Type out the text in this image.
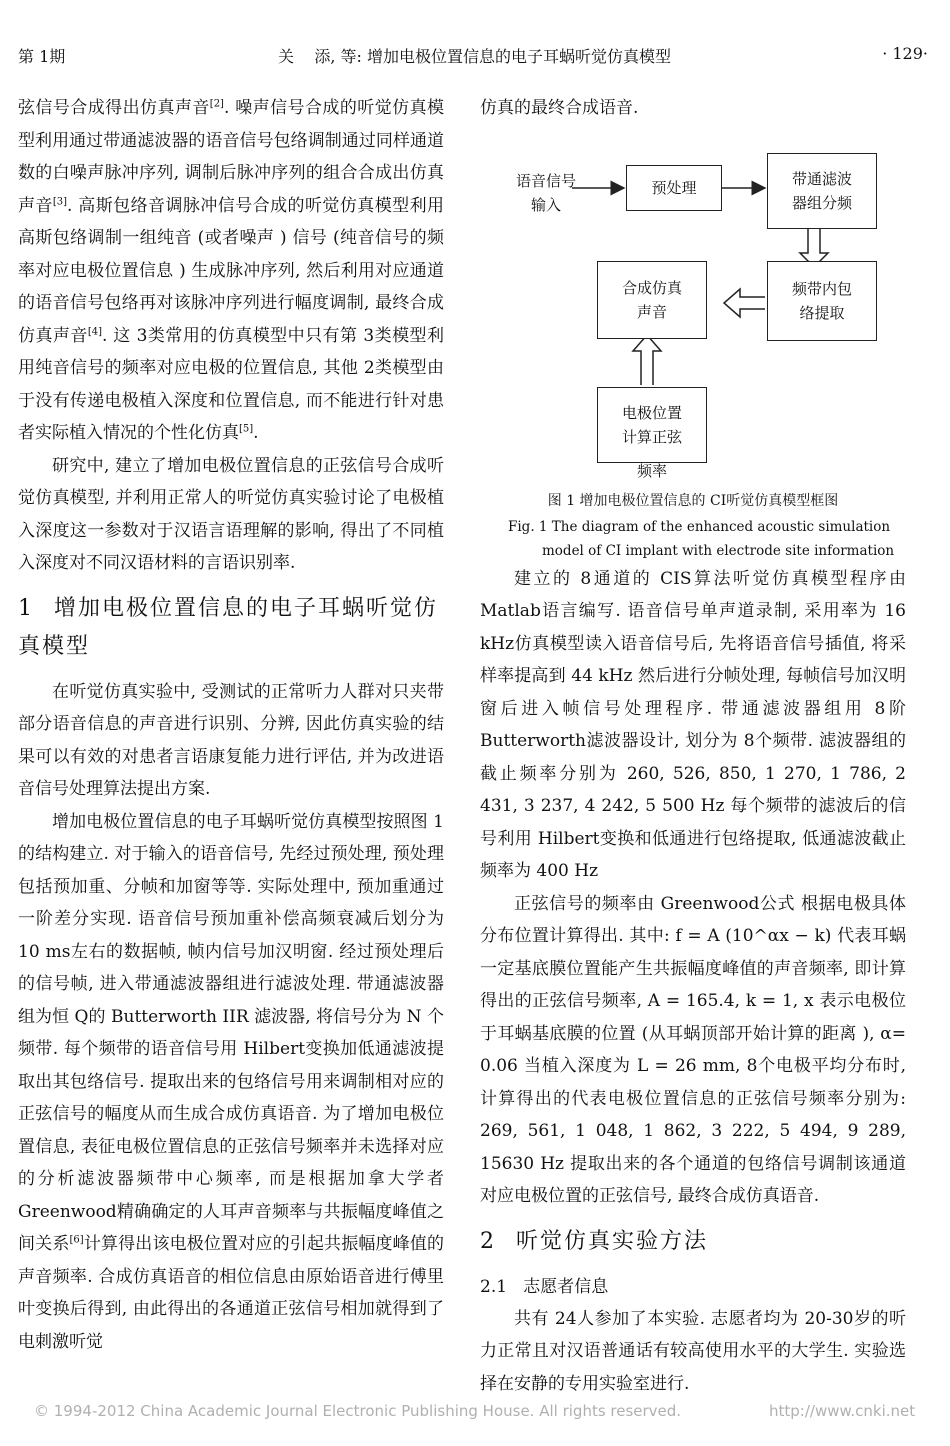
第 1期	关    添, 等: 增加电极位置信息的电子耳蜗听觉仿真模型	· 129·

弦信号合成得出仿真声音[2]. 噪声信号合成的听觉仿真模型利用通过带通滤波器的语音信号包络调制通过同样通道数的白噪声脉冲序列, 调制后脉冲序列的组合合成出仿真声音[3]. 高斯包络音调脉冲信号合成的听觉仿真模型利用高斯包络调制一组纯音 (或者噪声 ) 信号 (纯音信号的频率对应电极位置信息 ) 生成脉冲序列, 然后利用对应通道的语音信号包络再对该脉冲序列进行幅度调制, 最终合成仿真声音[4]. 这 3类常用的仿真模型中只有第 3类模型利用纯音信号的频率对应电极的位置信息, 其他 2类模型由于没有传递电极植入深度和位置信息, 而不能进行针对患者实际植入情况的个性化仿真[5].

研究中, 建立了增加电极位置信息的正弦信号合成听觉仿真模型, 并利用正常人的听觉仿真实验讨论了电极植入深度这一参数对于汉语言语理解的影响, 得出了不同植入深度对不同汉语材料的言语识别率.

1 增加电极位置信息的电子耳蜗听觉仿真模型

在听觉仿真实验中, 受测试的正常听力人群对只夹带部分语音信息的声音进行识别、分辨, 因此仿真实验的结果可以有效的对患者言语康复能力进行评估, 并为改进语音信号处理算法提出方案.

增加电极位置信息的电子耳蜗听觉仿真模型按照图 1的结构建立. 对于输入的语音信号, 先经过预处理, 预处理包括预加重、分帧和加窗等等. 实际处理中, 预加重通过一阶差分实现. 语音信号预加重补偿高频衰减后划分为 10 ms左右的数据帧, 帧内信号加汉明窗. 经过预处理后的信号帧, 进入带通滤波器组进行滤波处理. 带通滤波器组为恒 Q的 Butterworth IIR 滤波器, 将信号分为 N 个频带. 每个频带的语音信号用 Hilbert变换加低通滤波提取出其包络信号. 提取出来的包络信号用来调制相对应的正弦信号的幅度从而生成合成仿真语音. 为了增加电极位置信息, 表征电极位置信息的正弦信号频率并未选择对应的分析滤波器频带中心频率, 而是根据加拿大学者 Greenwood精确确定的人耳声音频率与共振幅度峰值之间关系[6]计算得出该电极位置对应的引起共振幅度峰值的声音频率. 合成仿真语音的相位信息由原始语音进行傅里叶变换后得到, 由此得出的各通道正弦信号相加就得到了电刺激听觉

仿真的最终合成语音.

语音信号
输入
预处理	带通滤波
器组分频
频带内包
络提取
合成仿真
声音
电极位置
计算正弦
频率
图 1 增加电极位置信息的 CI听觉仿真模型框图
Fig. 1 The diagram of the enhanced acoustic simulation
model of CI implant with electrode site information

建立的 8通道的 CIS算法听觉仿真模型程序由 Matlab语言编写. 语音信号单声道录制, 采用率为 16 kHz仿真模型读入语音信号后, 先将语音信号插值, 将采样率提高到 44 kHz 然后进行分帧处理, 每帧信号加汉明窗后进入帧信号处理程序. 带通滤波器组用 8阶 Butterworth滤波器设计, 划分为 8个频带. 滤波器组的截止频率分别为 260, 526, 850, 1 270, 1 786, 2 431, 3 237, 4 242, 5 500 Hz 每个频带的滤波后的信号利用 Hilbert变换和低通进行包络提取, 低通滤波截止频率为 400 Hz

正弦信号的频率由 Greenwood公式 根据电极具体分布位置计算得出. 其中: f = A (10^αx − k) 代表耳蜗一定基底膜位置能产生共振幅度峰值的声音频率, 即计算得出的正弦信号频率, A = 165.4, k = 1, x 表示电极位于耳蜗基底膜的位置 (从耳蜗顶部开始计算的距离 ), α= 0.06 当植入深度为 L = 26 mm, 8个电极平均分布时, 计算得出的代表电极位置信息的正弦信号频率分别为: 269, 561, 1 048, 1 862, 3 222, 5 494, 9 289, 15630 Hz 提取出来的各个通道的包络信号调制该通道对应电极位置的正弦信号, 最终合成仿真语音.

2 听觉仿真实验方法
2.1   志愿者信息

共有 24人参加了本实验. 志愿者均为 20-30岁的听力正常且对汉语普通话有较高使用水平的大学生. 实验选择在安静的专用实验室进行.

© 1994-2012 China Academic Journal Electronic Publishing House. All rights reserved.	http://www.cnki.net
